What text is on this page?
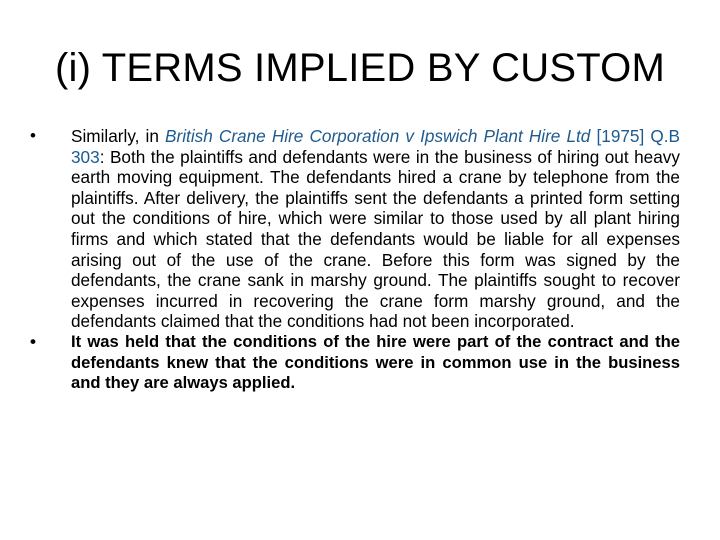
(i) TERMS IMPLIED BY CUSTOM
•	Similarly, in British Crane Hire Corporation v Ipswich Plant Hire Ltd [1975] Q.B 303: Both the plaintiffs and defendants were in the business of hiring out heavy earth moving equipment. The defendants hired a crane by telephone from the plaintiffs. After delivery, the plaintiffs sent the defendants a printed form setting out the conditions of hire, which were similar to those used by all plant hiring firms and which stated that the defendants would be liable for all expenses arising out of the use of the crane. Before this form was signed by the defendants, the crane sank in marshy ground. The plaintiffs sought to recover expenses incurred in recovering the crane form marshy ground, and the defendants claimed that the conditions had not been incorporated.
•	It was held that the conditions of the hire were part of the contract and the defendants knew that the conditions were in common use in the business and they are always applied.
